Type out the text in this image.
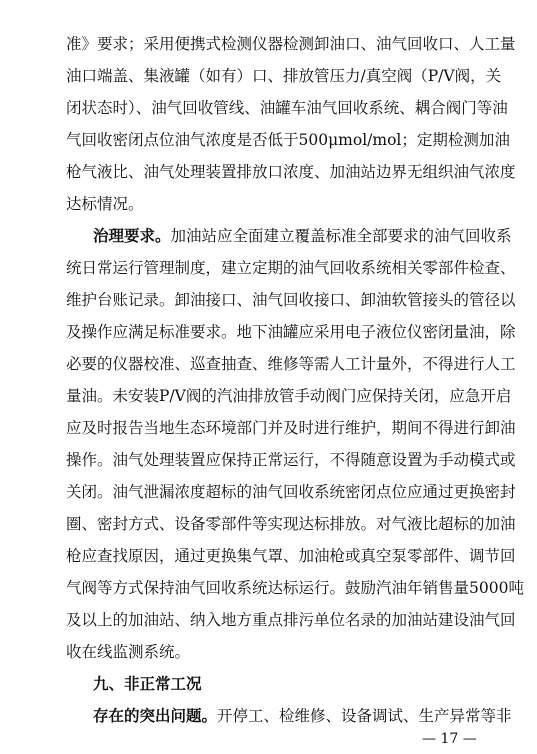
准》要求；采用便携式检测仪器检测卸油口、油气回收口、人工量
油口端盖、集液罐（如有）口、排放管压力/真空阀（P/V阀，关
闭状态时）、油气回收管线、油罐车油气回收系统、耦合阀门等油
气回收密闭点位油气浓度是否低于500μmol/mol；定期检测加油
枪气液比、油气处理装置排放口浓度、加油站边界无组织油气浓度
达标情况。
治理要求。加油站应全面建立覆盖标准全部要求的油气回收系
统日常运行管理制度，建立定期的油气回收系统相关零部件检查、
维护台账记录。卸油接口、油气回收接口、卸油软管接头的管径以
及操作应满足标准要求。地下油罐应采用电子液位仪密闭量油，除
必要的仪器校准、巡查抽查、维修等需人工计量外，不得进行人工
量油。未安装P/V阀的汽油排放管手动阀门应保持关闭，应急开启
应及时报告当地生态环境部门并及时进行维护，期间不得进行卸油
操作。油气处理装置应保持正常运行，不得随意设置为手动模式或
关闭。油气泄漏浓度超标的油气回收系统密闭点位应通过更换密封
圈、密封方式、设备零部件等实现达标排放。对气液比超标的加油
枪应查找原因，通过更换集气罩、加油枪或真空泵零部件、调节回
气阀等方式保持油气回收系统达标运行。鼓励汽油年销售量5000吨
及以上的加油站、纳入地方重点排污单位名录的加油站建设油气回
收在线监测系统。
九、非正常工况
存在的突出问题。开停工、检维修、设备调试、生产异常等非
— 17 —
